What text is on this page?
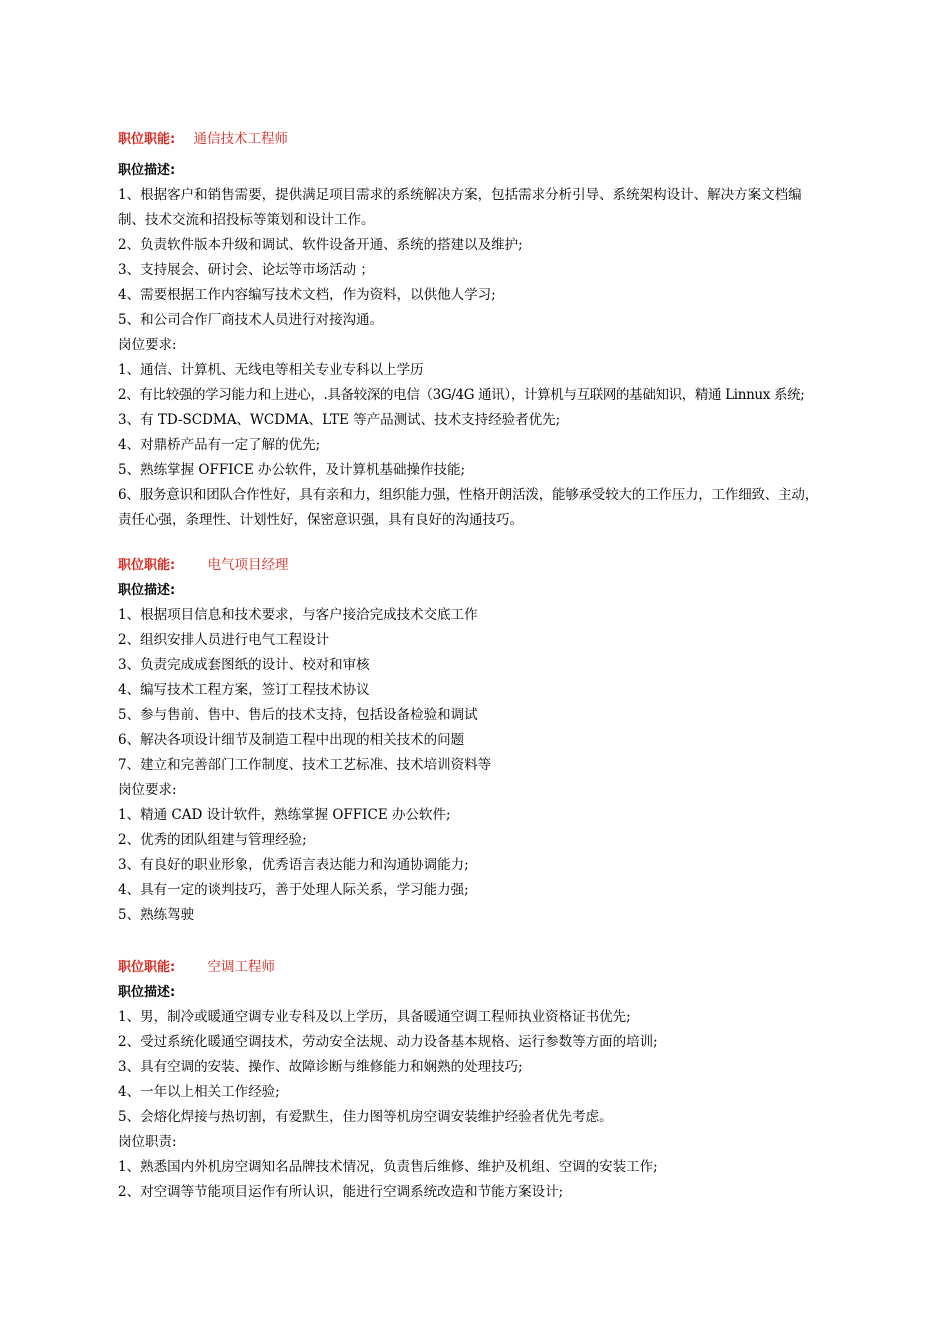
职位职能: 通信技术工程师
职位描述:
1、根据客户和销售需要，提供满足项目需求的系统解决方案，包括需求分析引导、系统架构设计、解决方案文档编
制、技术交流和招投标等策划和设计工作。
2、负责软件版本升级和调试、软件设备开通、系统的搭建以及维护;
3、支持展会、研讨会、论坛等市场活动 ；
4、需要根据工作内容编写技术文档，作为资料，以供他人学习;
5、和公司合作厂商技术人员进行对接沟通。
岗位要求:
1、通信、计算机、无线电等相关专业专科以上学历
2、有比较强的学习能力和上进心，.具备较深的电信（3G/4G 通讯），计算机与互联网的基础知识，精通 Linnux 系统;
3、有 TD-SCDMA、WCDMA、LTE 等产品测试、技术支持经验者优先;
4、对鼎桥产品有一定了解的优先;
5、熟练掌握 OFFICE 办公软件，及计算机基础操作技能;
6、服务意识和团队合作性好，具有亲和力，组织能力强，性格开朗活泼，能够承受较大的工作压力，工作细致、主动，
责任心强，条理性、计划性好，保密意识强，具有良好的沟通技巧。
职位职能: 电气项目经理
职位描述:
1、根据项目信息和技术要求，与客户接洽完成技术交底工作
2、组织安排人员进行电气工程设计
3、负责完成成套图纸的设计、校对和审核
4、编写技术工程方案，签订工程技术协议
5、参与售前、售中、售后的技术支持，包括设备检验和调试
6、解决各项设计细节及制造工程中出现的相关技术的问题
7、建立和完善部门工作制度、技术工艺标准、技术培训资料等
岗位要求:
1、精通 CAD 设计软件，熟练掌握 OFFICE 办公软件;
2、优秀的团队组建与管理经验;
3、有良好的职业形象，优秀语言表达能力和沟通协调能力;
4、具有一定的谈判技巧，善于处理人际关系，学习能力强;
5、熟练驾驶
职位职能: 空调工程师
职位描述:
1、男，制冷或暖通空调专业专科及以上学历，具备暖通空调工程师执业资格证书优先;
2、受过系统化暖通空调技术，劳动安全法规、动力设备基本规格、运行参数等方面的培训;
3、具有空调的安装、操作、故障诊断与维修能力和娴熟的处理技巧;
4、一年以上相关工作经验;
5、会熔化焊接与热切割，有爱默生，佳力图等机房空调安装维护经验者优先考虑。
岗位职责:
1、熟悉国内外机房空调知名品牌技术情况，负责售后维修、维护及机组、空调的安装工作;
2、对空调等节能项目运作有所认识，能进行空调系统改造和节能方案设计;
